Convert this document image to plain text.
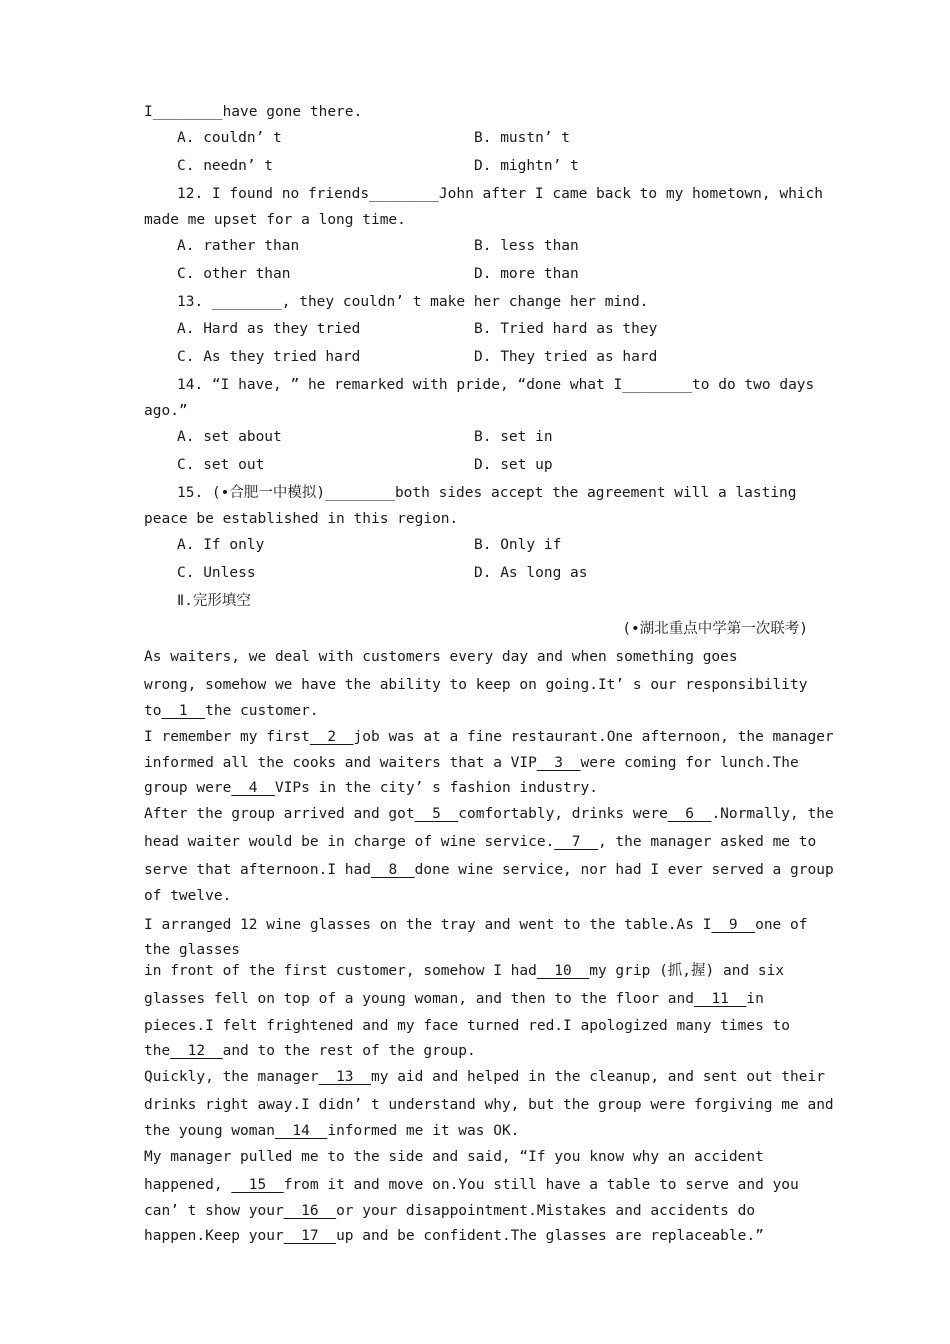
I________have gone there.
A. couldn’ t	B. mustn’ t
C. needn’ t	D. mightn’ t
12. I found no friends________John after I came back to my hometown, which
made me upset for a long time.
A. rather than	B. less than
C. other than	D. more than
13. ________, they couldn’ t make her change her mind.
A. Hard as they tried	B. Tried hard as they
C. As they tried hard	D. They tried as hard
14. “I have, ” he remarked with pride, “done what I________to do two days
ago.”
A. set about	B. set in
C. set out	D. set up
15. (•合肥一中模拟)________both sides accept the agreement will a lasting
peace be established in this region.
A. If only	B. Only if
C. Unless	D. As long as
Ⅱ.完形填空
(•湖北重点中学第一次联考)
As waiters, we deal with customers every day and when something goes
wrong, somehow we have the ability to keep on going.It’ s our responsibility
to__1__the customer.
I remember my first__2__job was at a fine restaurant.One afternoon, the manager
informed all the cooks and waiters that a VIP__3__were coming for lunch.The
group were__4__VIPs in the city’ s fashion industry.
After the group arrived and got__5__comfortably, drinks were__6__.Normally, the
head waiter would be in charge of wine service.__7__, the manager asked me to
serve that afternoon.I had__8__done wine service, nor had I ever served a group
of twelve.
I arranged 12 wine glasses on the tray and went to the table.As I__9__one of
the glasses
in front of the first customer, somehow I had__10__my grip (抓,握) and six
glasses fell on top of a young woman, and then to the floor and__11__in
pieces.I felt frightened and my face turned red.I apologized many times to
the__12__and to the rest of the group.
Quickly, the manager__13__my aid and helped in the cleanup, and sent out their
drinks right away.I didn’ t understand why, but the group were forgiving me and
the young woman__14__informed me it was OK.
My manager pulled me to the side and said, “If you know why an accident
happened, __15__from it and move on.You still have a table to serve and you
can’ t show your__16__or your disappointment.Mistakes and accidents do
happen.Keep your__17__up and be confident.The glasses are replaceable.”
